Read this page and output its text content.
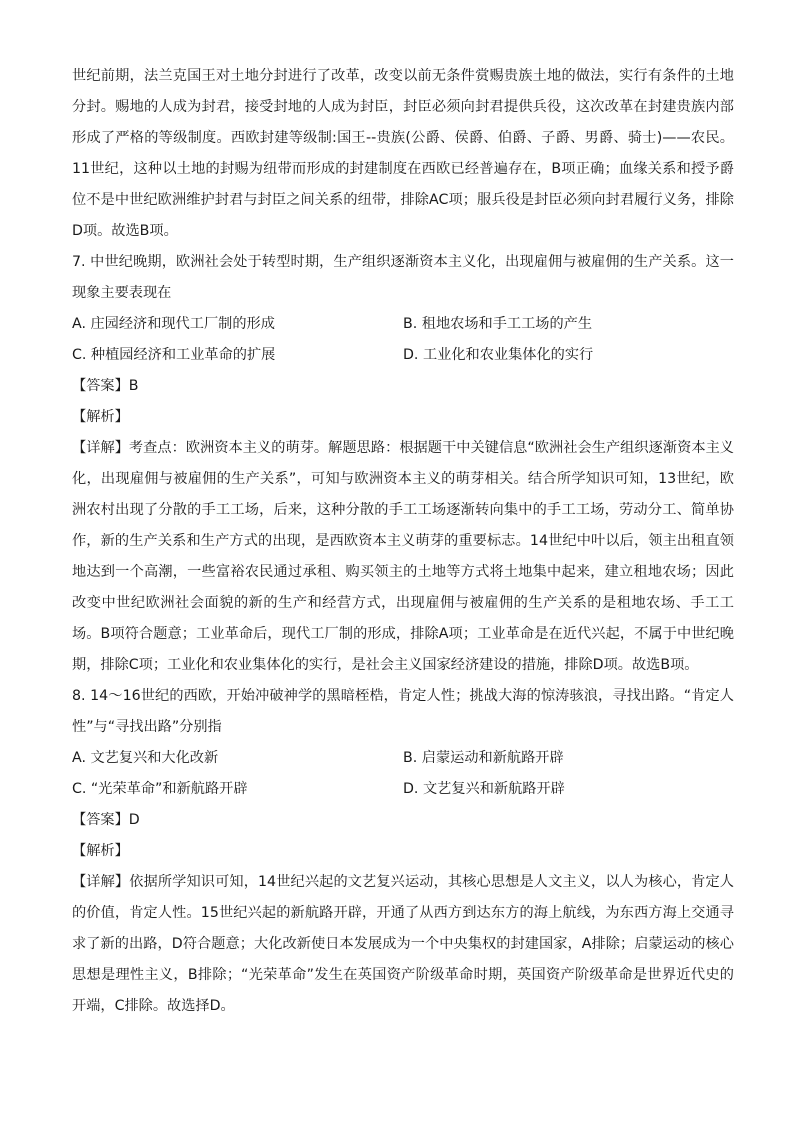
世纪前期，法兰克国王对土地分封进行了改革，改变以前无条件赏赐贵族土地的做法，实行有条件的土地分封。赐地的人成为封君，接受封地的人成为封臣，封臣必须向封君提供兵役，这次改革在封建贵族内部形成了严格的等级制度。西欧封建等级制:国王--贵族(公爵、侯爵、伯爵、子爵、男爵、骑士)——农民。11世纪，这种以土地的封赐为纽带而形成的封建制度在西欧已经普遍存在，B项正确；血缘关系和授予爵位不是中世纪欧洲维护封君与封臣之间关系的纽带，排除AC项；服兵役是封臣必须向封君履行义务，排除D项。故选B项。

7. 中世纪晚期，欧洲社会处于转型时期，生产组织逐渐资本主义化，出现雇佣与被雇佣的生产关系。这一现象主要表现在

A. 庄园经济和现代工厂制的形成	B. 租地农场和手工工场的产生

C. 种植园经济和工业革命的扩展	D. 工业化和农业集体化的实行

【答案】B

【解析】

【详解】考查点：欧洲资本主义的萌芽。解题思路：根据题干中关键信息“欧洲社会生产组织逐渐资本主义化，出现雇佣与被雇佣的生产关系”，可知与欧洲资本主义的萌芽相关。结合所学知识可知，13世纪，欧洲农村出现了分散的手工工场，后来，这种分散的手工工场逐渐转向集中的手工工场，劳动分工、简单协作，新的生产关系和生产方式的出现，是西欧资本主义萌芽的重要标志。14世纪中叶以后，领主出租直领地达到一个高潮，一些富裕农民通过承租、购买领主的土地等方式将土地集中起来，建立租地农场；因此改变中世纪欧洲社会面貌的新的生产和经营方式，出现雇佣与被雇佣的生产关系的是租地农场、手工工场。B项符合题意；工业革命后，现代工厂制的形成，排除A项；工业革命是在近代兴起，不属于中世纪晚期，排除C项；工业化和农业集体化的实行，是社会主义国家经济建设的措施，排除D项。故选B项。

8. 14～16世纪的西欧，开始冲破神学的黑暗桎梏，肯定人性；挑战大海的惊涛骇浪，寻找出路。“肯定人性”与“寻找出路”分别指

A. 文艺复兴和大化改新	B. 启蒙运动和新航路开辟

C. “光荣革命”和新航路开辟	D. 文艺复兴和新航路开辟

【答案】D

【解析】

【详解】依据所学知识可知，14世纪兴起的文艺复兴运动，其核心思想是人文主义，以人为核心，肯定人的价值，肯定人性。15世纪兴起的新航路开辟，开通了从西方到达东方的海上航线，为东西方海上交通寻求了新的出路，D符合题意；大化改新使日本发展成为一个中央集权的封建国家，A排除；启蒙运动的核心思想是理性主义，B排除；“光荣革命”发生在英国资产阶级革命时期，英国资产阶级革命是世界近代史的开端，C排除。故选择D。
